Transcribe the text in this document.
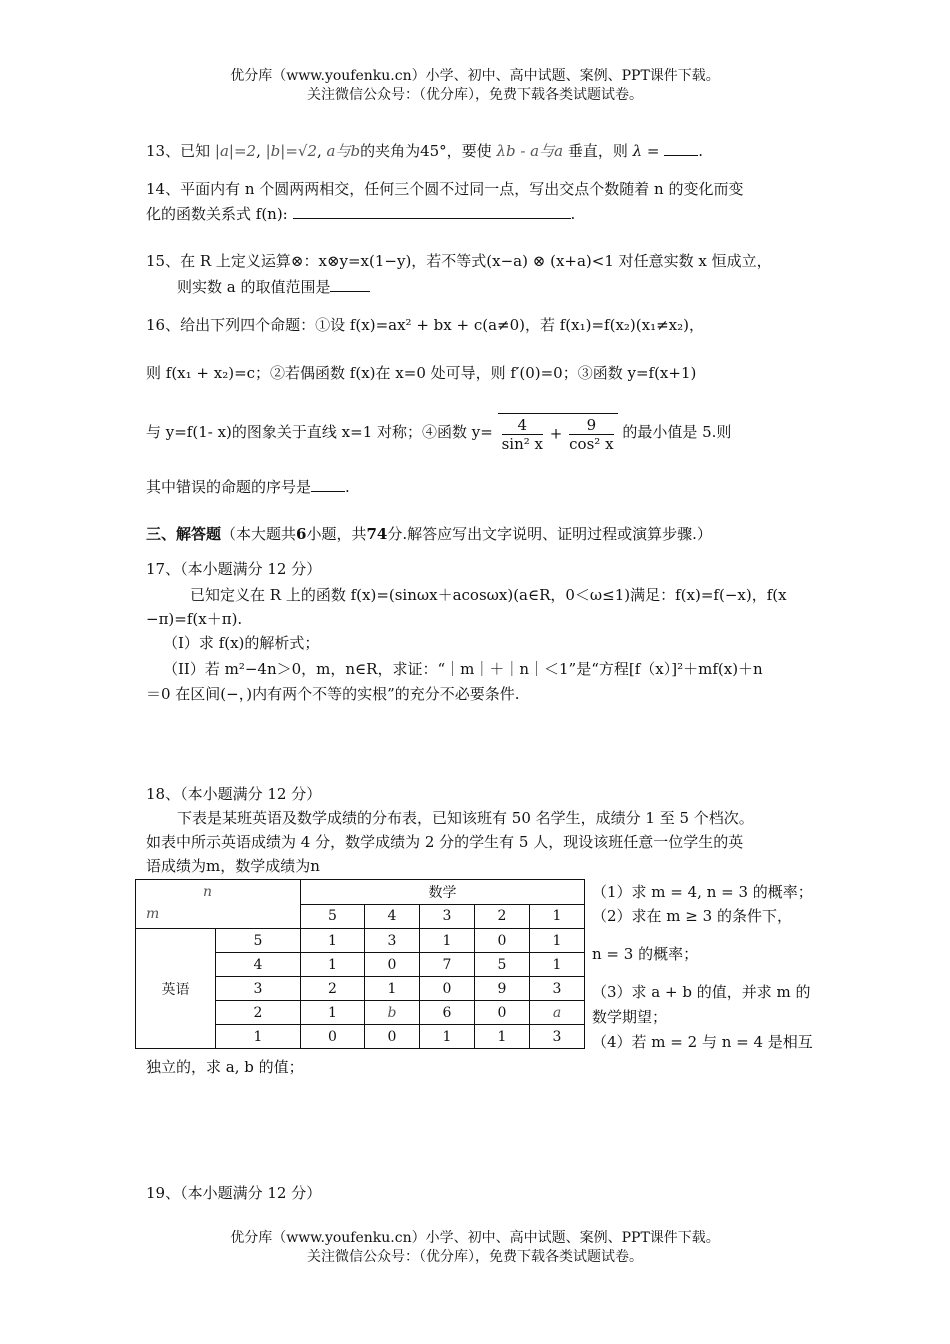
优分库（www.youfenku.cn）小学、初中、高中试题、案例、PPT课件下载。
关注微信公众号：（优分库），免费下载各类试题试卷。
13、已知 |a|=2, |b|=√2, a与b的夹角为45°，要使 λb - a与a 垂直，则 λ =	.
14、平面内有 n 个圆两两相交，任何三个圆不过同一点，写出交点个数随着 n 的变化而变
化的函数关系式 f(n):	.
15、在 R 上定义运算⊗：x⊗y=x(1−y)，若不等式(x−a) ⊗ (x+a)<1 对任意实数 x 恒成立，
则实数 a 的取值范围是
16、给出下列四个命题：①设 f(x)=ax² + bx + c(a≠0)，若 f(x₁)=f(x₂)(x₁≠x₂)，
则 f(x₁ + x₂)=c；②若偶函数 f(x)在 x=0 处可导，则 f′(0)=0；③函数 y=f(x+1)
与 y=f(1- x)的图象关于直线 x=1 对称；④函数 $y= \frac{4}{\text{sin² x}} + \frac{9}{\text{cos² x}}$ 的最小值是 5.则
其中错误的命题的序号是 .
三、解答题（本大题共6小题，共74分.解答应写出文字说明、证明过程或演算步骤.）
17、（本小题满分 12 分）
已知定义在 R 上的函数 f(x)=(sinωx＋acosωx)(a∈R，0＜ω≤1)满足：f(x)=f(−x)，f(x
−π)=f(x＋π).
（I）求 f(x)的解析式；
（II）若 m²−4n＞0，m，n∈R，求证：“｜m｜＋｜n｜＜1”是“方程[f（x）]²＋mf(x)＋n
＝0 在区间(−，)内有两个不等的实根”的充分不必要条件.
18、（本小题满分 12 分）
下表是某班英语及数学成绩的分布表，已知该班有 50 名学生，成绩分 1 至 5 个档次。
如表中所示英语成绩为 4 分，数学成绩为 2 分的学生有 5 人，现设该班任意一位学生的英
语成绩为m，数学成绩为n
n
m		数学				
		5	4	3	2	1
英语	5	1	3	1	0	1
	4	1	0	7	5	1
	3	2	1	0	9	3
	2	1	b	6	0	a
	1	0	0	1	1	3
（1）求 m = 4, n = 3 的概率；
（2）求在 m ≥ 3 的条件下，
n = 3 的概率；
（3）求 a + b 的值，并求 m 的
数学期望；
（4）若 m = 2 与 n = 4 是相互
独立的，求 a, b 的值；
19、（本小题满分 12 分）
优分库（www.youfenku.cn）小学、初中、高中试题、案例、PPT课件下载。
关注微信公众号：（优分库），免费下载各类试题试卷。
